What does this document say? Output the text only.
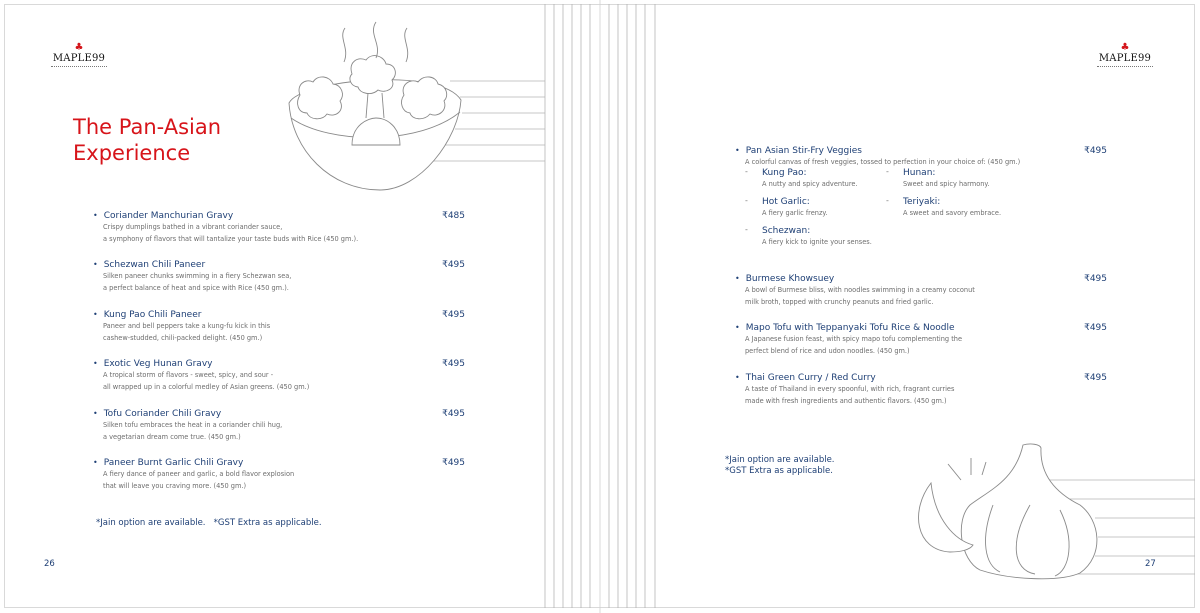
♣
MAPLE99
The Pan-Asian
Experience
• Coriander Manchurian Gravy	₹485
Crispy dumplings bathed in a vibrant coriander sauce,
a symphony of flavors that will tantalize your taste buds with Rice (450 gm.).
• Schezwan Chili Paneer	₹495
Silken paneer chunks swimming in a fiery Schezwan sea,
a perfect balance of heat and spice with Rice (450 gm.).
• Kung Pao Chili Paneer	₹495
Paneer and bell peppers take a kung-fu kick in this
cashew-studded, chili-packed delight. (450 gm.)
• Exotic Veg Hunan Gravy	₹495
A tropical storm of flavors - sweet, spicy, and sour -
all wrapped up in a colorful medley of Asian greens. (450 gm.)
• Tofu Coriander Chili Gravy	₹495
Silken tofu embraces the heat in a coriander chili hug,
a vegetarian dream come true. (450 gm.)
• Paneer Burnt Garlic Chili Gravy	₹495
A fiery dance of paneer and garlic, a bold flavor explosion
that will leave you craving more. (450 gm.)
*Jain option are available.   *GST Extra as applicable.
26
♣
MAPLE99
• Pan Asian Stir-Fry Veggies	₹495
A colorful canvas of fresh veggies, tossed to perfection in your choice of: (450 gm.)
- Kung Pao:
A nutty and spicy adventure.
- Hunan:
Sweet and spicy harmony.
- Hot Garlic:
A fiery garlic frenzy.
- Teriyaki:
A sweet and savory embrace.
- Schezwan:
A fiery kick to ignite your senses.
• Burmese Khowsuey	₹495
A bowl of Burmese bliss, with noodles swimming in a creamy coconut
milk broth, topped with crunchy peanuts and fried garlic.
• Mapo Tofu with Teppanyaki Tofu Rice & Noodle	₹495
A Japanese fusion feast, with spicy mapo tofu complementing the
perfect blend of rice and udon noodles. (450 gm.)
• Thai Green Curry / Red Curry	₹495
A taste of Thailand in every spoonful, with rich, fragrant curries
made with fresh ingredients and authentic flavors. (450 gm.)
*Jain option are available.
*GST Extra as applicable.
27
